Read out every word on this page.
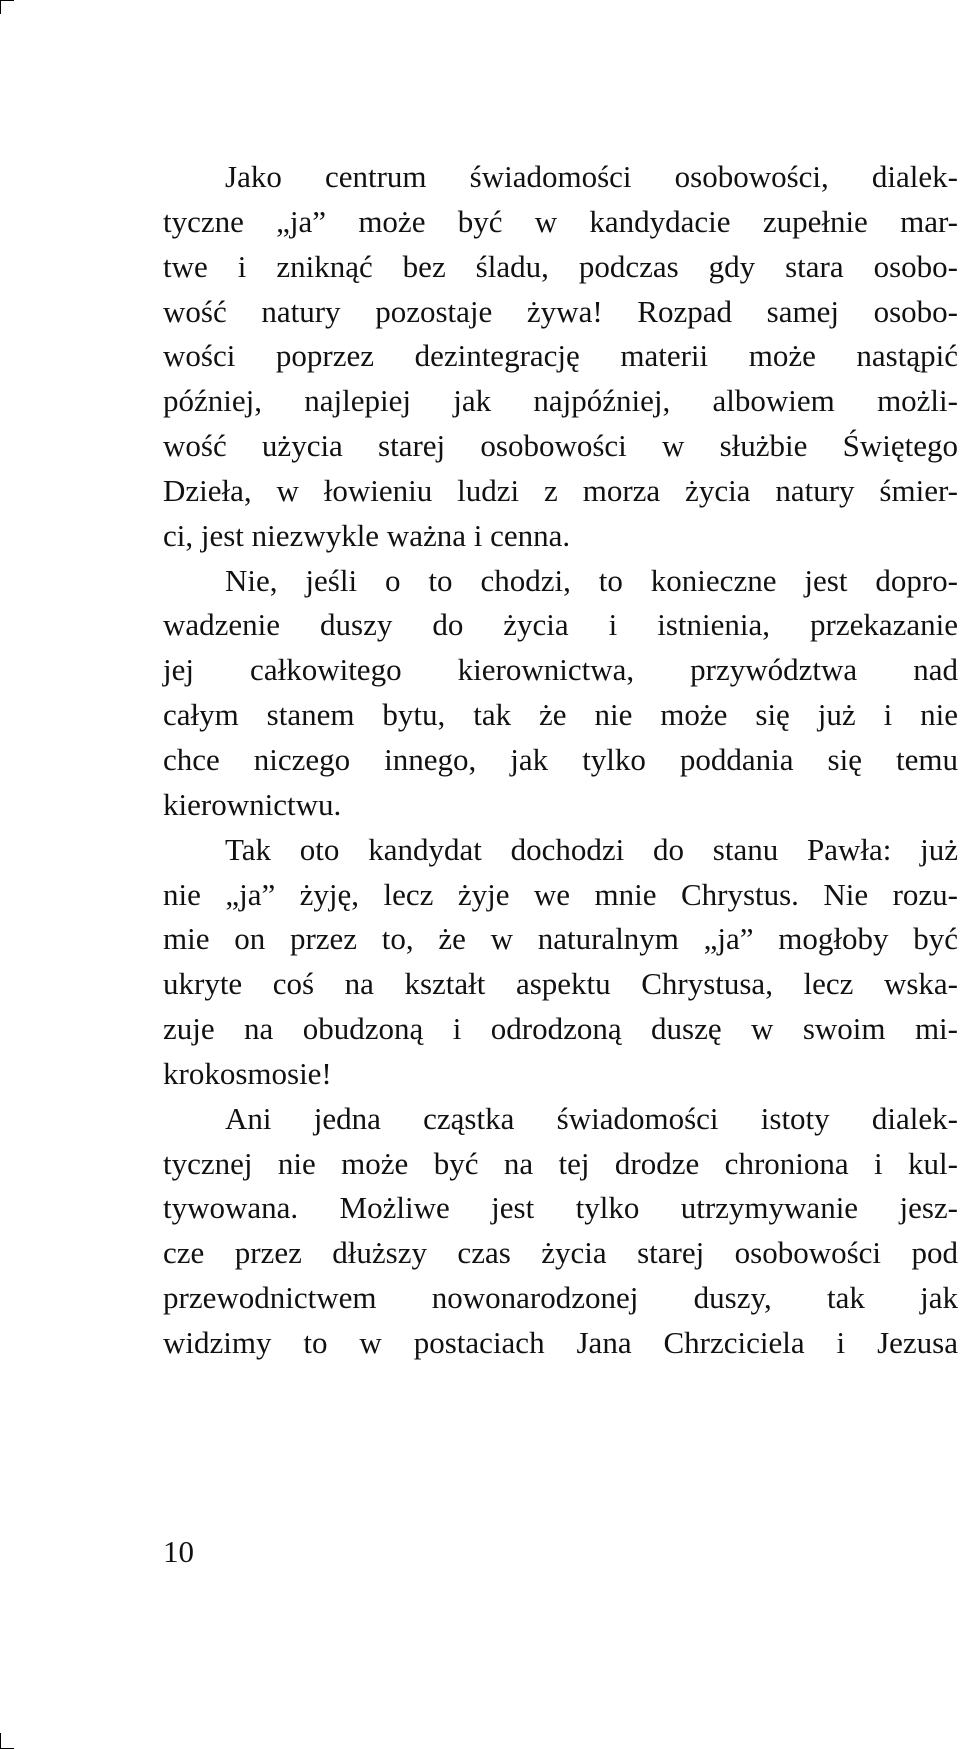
Jako centrum świadomości osobowości, dialek-
tyczne „ja” może być w kandydacie zupełnie mar-
twe i zniknąć bez śladu, podczas gdy stara osobo-
wość natury pozostaje żywa! Rozpad samej osobo-
wości poprzez dezintegrację materii może nastąpić
później, najlepiej jak najpóźniej, albowiem możli-
wość użycia starej osobowości w służbie Świętego
Dzieła, w łowieniu ludzi z morza życia natury śmier-
ci, jest niezwykle ważna i cenna.
Nie, jeśli o to chodzi, to konieczne jest dopro-
wadzenie duszy do życia i istnienia, przekazanie
jej całkowitego kierownictwa, przywództwa nad
całym stanem bytu, tak że nie może się już i nie
chce niczego innego, jak tylko poddania się temu
kierownictwu.
Tak oto kandydat dochodzi do stanu Pawła: już
nie „ja” żyję, lecz żyje we mnie Chrystus. Nie rozu-
mie on przez to, że w naturalnym „ja” mogłoby być
ukryte coś na kształt aspektu Chrystusa, lecz wska-
zuje na obudzoną i odrodzoną duszę w swoim mi-
krokosmosie!
Ani jedna cząstka świadomości istoty dialek-
tycznej nie może być na tej drodze chroniona i kul-
tywowana. Możliwe jest tylko utrzymywanie jesz-
cze przez dłuższy czas życia starej osobowości pod
przewodnictwem nowonarodzonej duszy, tak jak
widzimy to w postaciach Jana Chrzciciela i Jezusa
10
